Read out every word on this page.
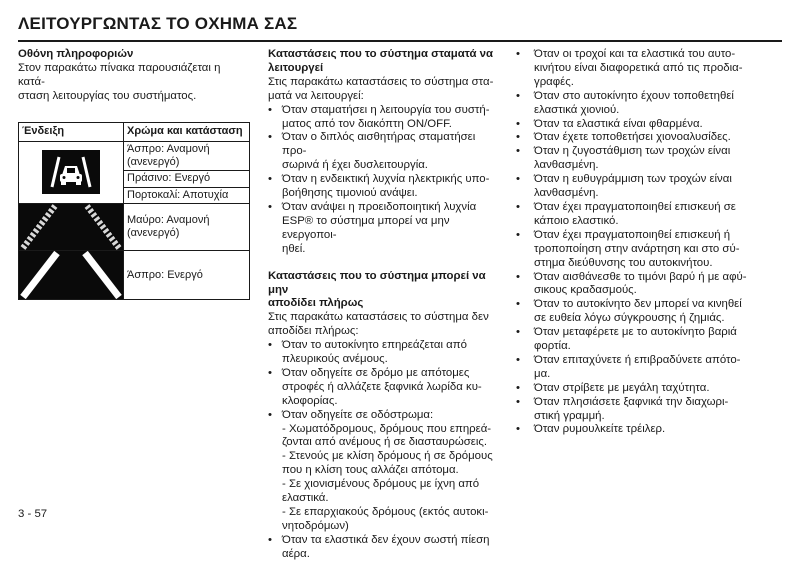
ΛΕΙΤΟΥΡΓΩΝΤΑΣ ΤΟ ΟΧΗΜΑ ΣΑΣ

Οθόνη πληροφοριών

Στον παρακάτω πίνακα παρουσιάζεται η κατά-

σταση λειτουργίας του συστήματος.

Ένδειξη	Χρώμα και κατάσταση

Άσπρο: Αναμονή
(ανενεργό)

	Πράσινο: Ενεργό

	Πορτοκαλί: Αποτυχία

Μαύρο: Αναμονή
(ανενεργό)

Άσπρο: Ενεργό

Καταστάσεις που το σύστημα σταματά να

λειτουργεί

Στις παρακάτω καταστάσεις το σύστημα στα-

ματά να λειτουργεί:

• Όταν σταματήσει η λειτουργία του συστή-
ματος από τον διακόπτη ON/OFF.
• Όταν ο διπλός αισθητήρας σταματήσει προ-
σωρινά ή έχει δυσλειτουργία.
• Όταν η ενδεικτική λυχνία ηλεκτρικής υπο-
βοήθησης τιμονιού ανάψει.
• Όταν ανάψει η προειδοποιητική λυχνία
ESP® το σύστημα μπορεί να μην ενεργοποι-
ηθεί.

Καταστάσεις που το σύστημα μπορεί να μην

αποδίδει πλήρως

Στις παρακάτω καταστάσεις το σύστημα δεν

αποδίδει πλήρως:

• Όταν το αυτοκίνητο επηρεάζεται από
πλευρικούς ανέμους.
• Όταν οδηγείτε σε δρόμο με απότομες
στροφές ή αλλάζετε ξαφνικά λωρίδα κυ-
κλοφορίας.
• Όταν οδηγείτε σε οδόστρωμα:
- Χωματόδρομους, δρόμους που επηρεά-
ζονται από ανέμους ή σε διασταυρώσεις.
- Στενούς με κλίση δρόμους ή σε δρόμους
που η κλίση τους αλλάζει απότομα.
- Σε χιονισμένους δρόμους με ίχνη από
ελαστικά.
- Σε επαρχιακούς δρόμους (εκτός αυτοκι-
νητοδρόμων)
• Όταν τα ελαστικά δεν έχουν σωστή πίεση
αέρα.
• Όταν οι τροχοί και τα ελαστικά του αυτο-
κινήτου είναι διαφορετικά από τις προδια-
γραφές.
• Όταν στο αυτοκίνητο έχουν τοποθετηθεί
ελαστικά χιονιού.
• Όταν τα ελαστικά είναι φθαρμένα.
• Όταν έχετε τοποθετήσει χιονοαλυσίδες.
• Όταν η ζυγοστάθμιση των τροχών είναι
λανθασμένη.
• Όταν η ευθυγράμμιση των τροχών είναι
λανθασμένη.
• Όταν έχει πραγματοποιηθεί επισκευή σε
κάποιο ελαστικό.
• Όταν έχει πραγματοποιηθεί επισκευή ή
τροποποίηση στην ανάρτηση και στο σύ-
στημα διεύθυνσης του αυτοκινήτου.
• Όταν αισθάνεσθε το τιμόνι βαρύ ή με αφύ-
σικους κραδασμούς.
• Όταν το αυτοκίνητο δεν μπορεί να κινηθεί
σε ευθεία λόγω σύγκρουσης ή ζημιάς.
• Όταν μεταφέρετε με το αυτοκίνητο βαριά
φορτία.
• Όταν επιταχύνετε ή επιβραδύνετε απότο-
μα.
• Όταν στρίβετε με μεγάλη ταχύτητα.
• Όταν πλησιάσετε ξαφνικά την διαχωρι-
στική γραμμή.
• Όταν ρυμουλκείτε τρέιλερ.
3 - 57
